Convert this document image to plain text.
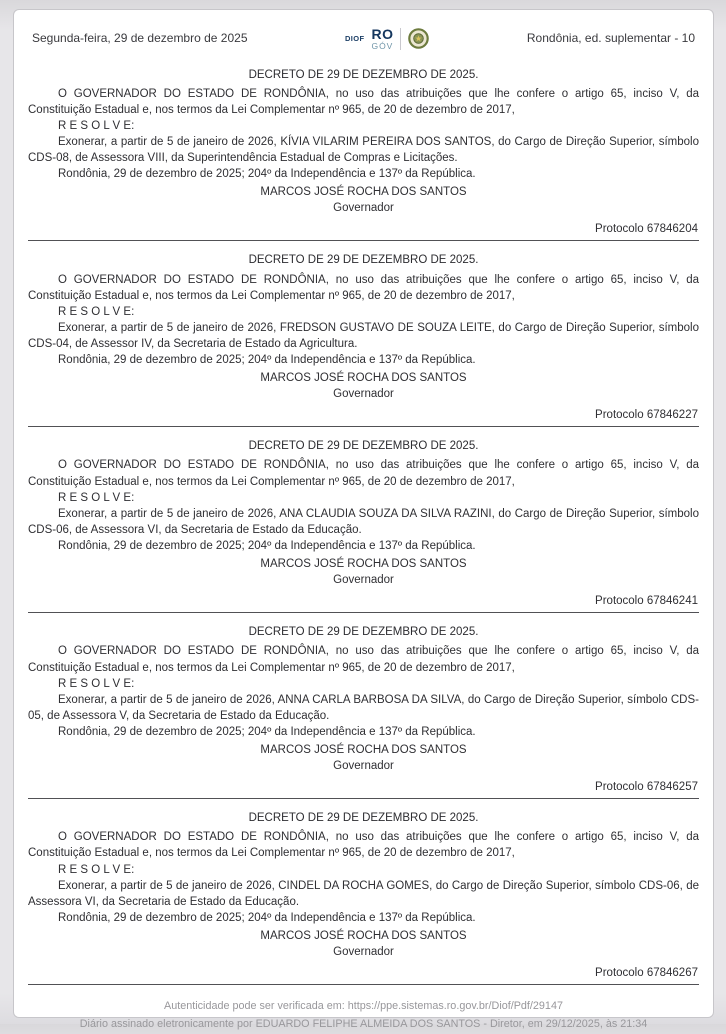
Segunda-feira, 29 de dezembro de 2025	DIOF RO
GÓV
Rondônia, ed. suplementar - 10
DECRETO DE 29 DE DEZEMBRO DE 2025.

O GOVERNADOR DO ESTADO DE RONDÔNIA, no uso das atribuições que lhe confere o artigo 65, inciso V, da Constituição Estadual e, nos termos da Lei Complementar nº 965, de 20 de dezembro de 2017,

R E S O L V E:

Exonerar, a partir de 5 de janeiro de 2026, KÍVIA VILARIM PEREIRA DOS SANTOS, do Cargo de Direção Superior, símbolo CDS-08, de Assessora VIII, da Superintendência Estadual de Compras e Licitações.

Rondônia, 29 de dezembro de 2025; 204º da Independência e 137º da República.

MARCOS JOSÉ ROCHA DOS SANTOS

Governador

Protocolo 67846204

DECRETO DE 29 DE DEZEMBRO DE 2025.

O GOVERNADOR DO ESTADO DE RONDÔNIA, no uso das atribuições que lhe confere o artigo 65, inciso V, da Constituição Estadual e, nos termos da Lei Complementar nº 965, de 20 de dezembro de 2017,

R E S O L V E:

Exonerar, a partir de 5 de janeiro de 2026, FREDSON GUSTAVO DE SOUZA LEITE, do Cargo de Direção Superior, símbolo CDS-04, de Assessor IV, da Secretaria de Estado da Agricultura.

Rondônia, 29 de dezembro de 2025; 204º da Independência e 137º da República.

MARCOS JOSÉ ROCHA DOS SANTOS

Governador

Protocolo 67846227

DECRETO DE 29 DE DEZEMBRO DE 2025.

O GOVERNADOR DO ESTADO DE RONDÔNIA, no uso das atribuições que lhe confere o artigo 65, inciso V, da Constituição Estadual e, nos termos da Lei Complementar nº 965, de 20 de dezembro de 2017,

R E S O L V E:

Exonerar, a partir de 5 de janeiro de 2026, ANA CLAUDIA SOUZA DA SILVA RAZINI, do Cargo de Direção Superior, símbolo CDS-06, de Assessora VI, da Secretaria de Estado da Educação.

Rondônia, 29 de dezembro de 2025; 204º da Independência e 137º da República.

MARCOS JOSÉ ROCHA DOS SANTOS

Governador

Protocolo 67846241

DECRETO DE 29 DE DEZEMBRO DE 2025.

O GOVERNADOR DO ESTADO DE RONDÔNIA, no uso das atribuições que lhe confere o artigo 65, inciso V, da Constituição Estadual e, nos termos da Lei Complementar nº 965, de 20 de dezembro de 2017,

R E S O L V E:

Exonerar, a partir de 5 de janeiro de 2026, ANNA CARLA BARBOSA DA SILVA, do Cargo de Direção Superior, símbolo CDS-05, de Assessora V, da Secretaria de Estado da Educação.

Rondônia, 29 de dezembro de 2025; 204º da Independência e 137º da República.

MARCOS JOSÉ ROCHA DOS SANTOS

Governador

Protocolo 67846257

DECRETO DE 29 DE DEZEMBRO DE 2025.

O GOVERNADOR DO ESTADO DE RONDÔNIA, no uso das atribuições que lhe confere o artigo 65, inciso V, da Constituição Estadual e, nos termos da Lei Complementar nº 965, de 20 de dezembro de 2017,

R E S O L V E:

Exonerar, a partir de 5 de janeiro de 2026, CINDEL DA ROCHA GOMES, do Cargo de Direção Superior, símbolo CDS-06, de Assessora VI, da Secretaria de Estado da Educação.

Rondônia, 29 de dezembro de 2025; 204º da Independência e 137º da República.

MARCOS JOSÉ ROCHA DOS SANTOS

Governador

Protocolo 67846267

Autenticidade pode ser verificada em: https://ppe.sistemas.ro.gov.br/Diof/Pdf/29147
Diário assinado eletronicamente por EDUARDO FELIPHE ALMEIDA DOS SANTOS - Diretor, em 29/12/2025, às 21:34
